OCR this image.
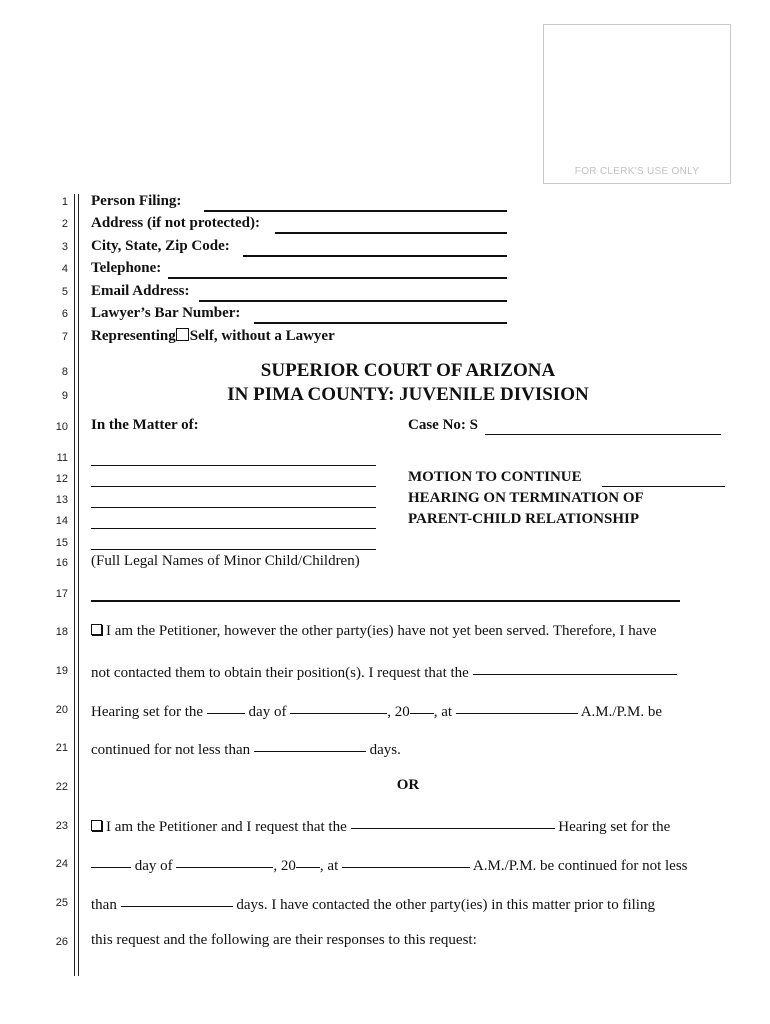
FOR CLERK'S USE ONLY
1
2
3
4
5
6
7
8
9
10
11
12
13
14
15
16
17
18
19
20
21
22
23
24
25
26
Person Filing:
Address (if not protected):
City, State, Zip Code:
Telephone:
Email Address:
Lawyer’s Bar Number:
Representing Self, without a Lawyer
SUPERIOR COURT OF ARIZONA
IN PIMA COUNTY: JUVENILE DIVISION
In the Matter of:	Case No: S
(Full Legal Names of Minor Child/Children)
MOTION TO CONTINUE
HEARING ON TERMINATION OF
PARENT-CHILD RELATIONSHIP
I am the Petitioner, however the other party(ies) have not yet been served. Therefore, I have
not contacted them to obtain their position(s). I request that the
Hearing set for the	day of	, 20 , at	A.M./P.M. be
continued for not less than	days.
OR
I am the Petitioner and I request that the	Hearing set for the
day of	, 20 , at	A.M./P.M. be continued for not less
than	days. I have contacted the other party(ies) in this matter prior to filing
this request and the following are their responses to this request:
